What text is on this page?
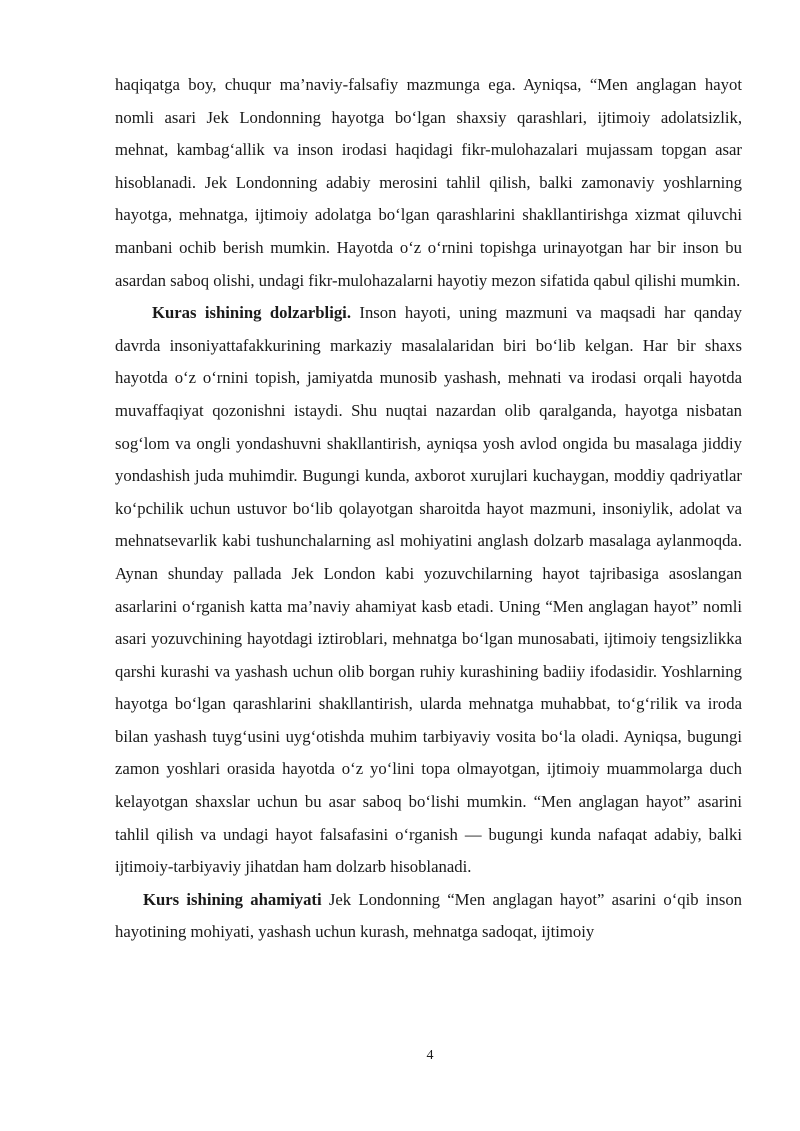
haqiqatga boy, chuqur ma’naviy-falsafiy mazmunga ega. Ayniqsa, “Men anglagan hayot nomli asari Jek Londonning hayotga bo‘lgan shaxsiy qarashlari, ijtimoiy adolatsizlik, mehnat, kambag‘allik va inson irodasi haqidagi fikr-mulohazalari mujassam topgan asar hisoblanadi. Jek Londonning adabiy merosini tahlil qilish, balki zamonaviy yoshlarning hayotga, mehnatga, ijtimoiy adolatga bo‘lgan qarashlarini shakllantirishga xizmat qiluvchi manbani ochib berish mumkin. Hayotda o‘z o‘rnini topishga urinayotgan har bir inson bu asardan saboq olishi, undagi fikr-mulohazalarni hayotiy mezon sifatida qabul qilishi mumkin.

Kuras ishining dolzarbligi. Inson hayoti, uning mazmuni va maqsadi har qanday davrda insoniyattafakkurining markaziy masalalaridan biri bo‘lib kelgan. Har bir shaxs hayotda o‘z o‘rnini topish, jamiyatda munosib yashash, mehnati va irodasi orqali hayotda muvaffaqiyat qozonishni istaydi. Shu nuqtai nazardan olib qaralganda, hayotga nisbatan sog‘lom va ongli yondashuvni shakllantirish, ayniqsa yosh avlod ongida bu masalaga jiddiy yondashish juda muhimdir. Bugungi kunda, axborot xurujlari kuchaygan, moddiy qadriyatlar ko‘pchilik uchun ustuvor bo‘lib qolayotgan sharoitda hayot mazmuni, insoniylik, adolat va mehnatsevarlik kabi tushunchalarning asl mohiyatini anglash dolzarb masalaga aylanmoqda. Aynan shunday pallada Jek London kabi yozuvchilarning hayot tajribasiga asoslangan asarlarini o‘rganish katta ma’naviy ahamiyat kasb etadi. Uning “Men anglagan hayot” nomli asari yozuvchining hayotdagi iztiroblari, mehnatga bo‘lgan munosabati, ijtimoiy tengsizlikka qarshi kurashi va yashash uchun olib borgan ruhiy kurashining badiiy ifodasidir. Yoshlarning hayotga bo‘lgan qarashlarini shakllantirish, ularda mehnatga muhabbat, to‘g‘rilik va iroda bilan yashash tuyg‘usini uyg‘otishda muhim tarbiyaviy vosita bo‘la oladi. Ayniqsa, bugungi zamon yoshlari orasida hayotda o‘z yo‘lini topa olmayotgan, ijtimoiy muammolarga duch kelayotgan shaxslar uchun bu asar saboq bo‘lishi mumkin. “Men anglagan hayot” asarini tahlil qilish va undagi hayot falsafasini o‘rganish — bugungi kunda nafaqat adabiy, balki ijtimoiy-tarbiyaviy jihatdan ham dolzarb hisoblanadi.

Kurs ishining ahamiyati Jek Londonning “Men anglagan hayot” asarini o‘qib inson hayotining mohiyati, yashash uchun kurash, mehnatga sadoqat, ijtimoiy

4
